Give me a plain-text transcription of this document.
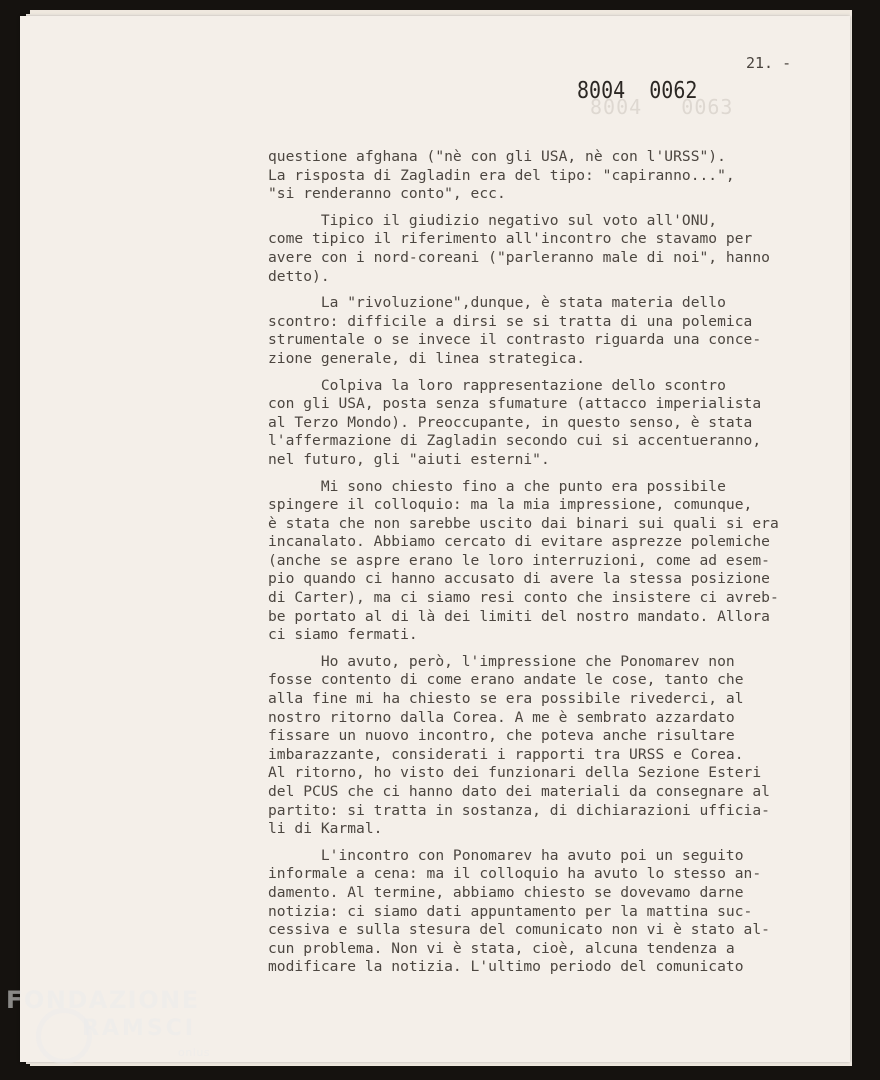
8004   0063
21. -
8004  0062
questione afghana ("nè con gli USA, nè con l'URSS").
La risposta di Zagladin era del tipo: "capiranno...",
"si renderanno conto", ecc.
Tipico il giudizio negativo sul voto all'ONU,
come tipico il riferimento all'incontro che stavamo per
avere con i nord-coreani ("parleranno male di noi", hanno
detto).
La "rivoluzione",dunque, è stata materia dello
scontro: difficile a dirsi se si tratta di una polemica
strumentale o se invece il contrasto riguarda una conce-
zione generale, di linea strategica.
Colpiva la loro rappresentazione dello scontro
con gli USA, posta senza sfumature (attacco imperialista
al Terzo Mondo). Preoccupante, in questo senso, è stata
l'affermazione di Zagladin secondo cui si accentueranno,
nel futuro, gli "aiuti esterni".
Mi sono chiesto fino a che punto era possibile
spingere il colloquio: ma la mia impressione, comunque,
è stata che non sarebbe uscito dai binari sui quali si era
incanalato. Abbiamo cercato di evitare asprezze polemiche
(anche se aspre erano le loro interruzioni, come ad esem-
pio quando ci hanno accusato di avere la stessa posizione
di Carter), ma ci siamo resi conto che insistere ci avreb-
be portato al di là dei limiti del nostro mandato. Allora
ci siamo fermati.
Ho avuto, però, l'impressione che Ponomarev non
fosse contento di come erano andate le cose, tanto che
alla fine mi ha chiesto se era possibile rivederci, al
nostro ritorno dalla Corea. A me è sembrato azzardato
fissare un nuovo incontro, che poteva anche risultare
imbarazzante, considerati i rapporti tra URSS e Corea.
Al ritorno, ho visto dei funzionari della Sezione Esteri
del PCUS che ci hanno dato dei materiali da consegnare al
partito: si tratta in sostanza, di dichiarazioni ufficia-
li di Karmal.
L'incontro con Ponomarev ha avuto poi un seguito
informale a cena: ma il colloquio ha avuto lo stesso an-
damento. Al termine, abbiamo chiesto se dovevamo darne
notizia: ci siamo dati appuntamento per la mattina suc-
cessiva e sulla stesura del comunicato non vi è stato al-
cun problema. Non vi è stata, cioè, alcuna tendenza a
modificare la notizia. L'ultimo periodo del comunicato
FONDAZIONE
RAMSCI
onlus
